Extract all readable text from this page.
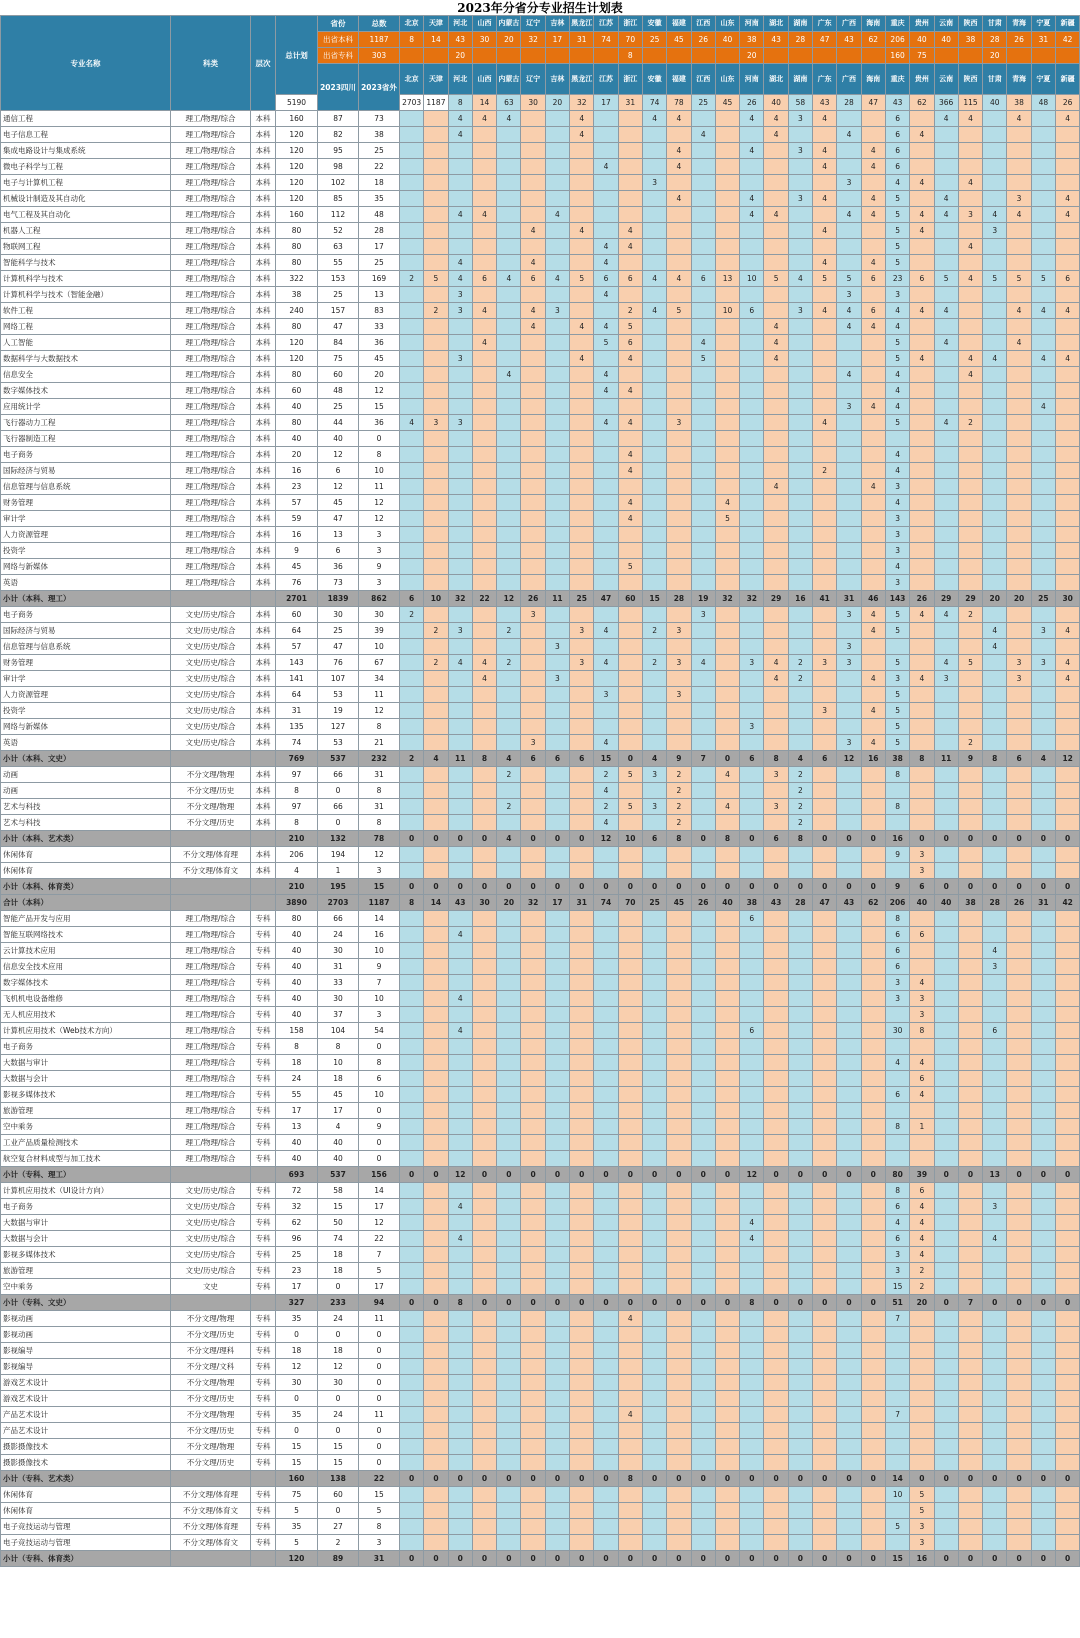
2023年分省分专业招生计划表
专业名称	科类	层次	总计划	省份	总数	北京	天津	河北	山西	内蒙古	辽宁	吉林	黑龙江	江苏	浙江	安徽	福建	江西	山东	河南	湖北	湖南	广东	广西	海南	重庆	贵州	云南	陕西	甘肃	青海	宁夏	新疆	
				出省本科	1187	8	14	43	30	20	32	17	31	74	70	25	45	26	40	38	43	28	47	43	62	206	40	40	38	28	26	31	42	
				出省专科	303			20							8					20						160	75			20				
				2023四川	2023省外	北京	天津	河北	山西	内蒙古	辽宁	吉林	黑龙江	江苏	浙江	安徽	福建	江西	山东	河南	湖北	湖南	广东	广西	海南	重庆	贵州	云南	陕西	甘肃	青海	宁夏	新疆	
			5190			2703	1187	8	14	63	30	20	32	17	31	74	78	25	45	26	40	58	43	28	47	43	62	366	115	40	38	48	26		
通信工程	理工/物理/综合	本科	160	87	73			4	4	4			4			4	4			4	4	3	4			6		4	4		4		4	
电子信息工程	理工/物理/综合	本科	120	82	38			4					4					4			4			4		6	4							
集成电路设计与集成系统	理工/物理/综合	本科	120	95	25												4			4		3	4		4	6								
微电子科学与工程	理工/物理/综合	本科	120	98	22									4			4						4		4	6								
电子与计算机工程	理工/物理/综合	本科	120	102	18											3								3		4	4		4					
机械设计制造及其自动化	理工/物理/综合	本科	120	85	35												4			4		3	4		4	5		4			3		4	
电气工程及其自动化	理工/物理/综合	本科	160	112	48			4	4			4								4	4			4	4	5	4	4	3	4	4		4	
机器人工程	理工/物理/综合	本科	80	52	28						4		4		4								4			5	4			3				
物联网工程	理工/物理/综合	本科	80	63	17									4	4											5			4					
智能科学与技术	理工/物理/综合	本科	80	55	25			4			4			4									4		4	5								
计算机科学与技术	理工/物理/综合	本科	322	153	169	2	5	4	6	4	6	4	5	6	6	4	4	6	13	10	5	4	5	5	6	23	6	5	4	5	5	5	6	
计算机科学与技术（智能金融）	理工/物理/综合	本科	38	25	13			3						4										3		3								
软件工程	理工/物理/综合	本科	240	157	83		2	3	4		4	3			2	4	5		10	6		3	4	4	6	4	4	4			4	4	4	
网络工程	理工/物理/综合	本科	80	47	33						4		4	4	5						4			4	4	4								
人工智能	理工/物理/综合	本科	120	84	36				4					5	6			4			4					5		4			4			
数据科学与大数据技术	理工/物理/综合	本科	120	75	45			3					4		4			5			4					5	4		4	4		4	4	
信息安全	理工/物理/综合	本科	80	60	20					4				4										4		4			4					
数字媒体技术	理工/物理/综合	本科	60	48	12									4	4											4								
应用统计学	理工/物理/综合	本科	40	25	15																			3	4	4						4		
飞行器动力工程	理工/物理/综合	本科	80	44	36	4	3	3						4	4		3						4			5		4	2					
飞行器制造工程	理工/物理/综合	本科	40	40	0																													
电子商务	理工/物理/综合	本科	20	12	8										4											4								
国际经济与贸易	理工/物理/综合	本科	16	6	10										4								2			4								
信息管理与信息系统	理工/物理/综合	本科	23	12	11																4				4	3								
财务管理	理工/物理/综合	本科	57	45	12										4				4							4								
审计学	理工/物理/综合	本科	59	47	12										4				5							3								
人力资源管理	理工/物理/综合	本科	16	13	3																					3								
投资学	理工/物理/综合	本科	9	6	3																					3								
网络与新媒体	理工/物理/综合	本科	45	36	9										5											4								
英语	理工/物理/综合	本科	76	73	3																					3								
小计（本科、理工）			2701	1839	862	6	10	32	22	12	26	11	25	47	60	15	28	19	32	32	29	16	41	31	46	143	26	29	29	20	20	25	30	
电子商务	文史/历史/综合	本科	60	30	30	2					3							3						3	4	5	4	4	2					
国际经济与贸易	文史/历史/综合	本科	64	25	39		2	3		2			3	4		2	3								4	5				4		3	4	
信息管理与信息系统	文史/历史/综合	本科	57	47	10							3												3						4				
财务管理	文史/历史/综合	本科	143	76	67		2	4	4	2			3	4		2	3	4		3	4	2	3	3		5		4	5		3	3	4	
审计学	文史/历史/综合	本科	141	107	34				4			3									4	2			4	3	4	3			3		4	
人力资源管理	文史/历史/综合	本科	64	53	11									3			3									5								
投资学	文史/历史/综合	本科	31	19	12																		3		4	5								
网络与新媒体	文史/历史/综合	本科	135	127	8															3						5								
英语	文史/历史/综合	本科	74	53	21						3			4										3	4	5			2					
小计（本科、文史）			769	537	232	2	4	11	8	4	6	6	6	15	0	4	9	7	0	6	8	4	6	12	16	38	8	11	9	8	6	4	12	
动画	不分文理/物理	本科	97	66	31					2				2	5	3	2		4		3	2				8								
动画	不分文理/历史	本科	8	0	8									4			2					2												
艺术与科技	不分文理/物理	本科	97	66	31					2				2	5	3	2		4		3	2				8								
艺术与科技	不分文理/历史	本科	8	0	8									4			2					2												
小计（本科、艺术类）			210	132	78	0	0	0	0	4	0	0	0	12	10	6	8	0	8	0	6	8	0	0	0	16	0	0	0	0	0	0	0	
休闲体育	不分文理/体育理	本科	206	194	12																					9	3							
休闲体育	不分文理/体育文	本科	4	1	3																						3							
小计（本科、体育类）			210	195	15	0	0	0	0	0	0	0	0	0	0	0	0	0	0	0	0	0	0	0	0	9	6	0	0	0	0	0	0	
合计（本科）			3890	2703	1187	8	14	43	30	20	32	17	31	74	70	25	45	26	40	38	43	28	47	43	62	206	40	40	38	28	26	31	42	
智能产品开发与应用	理工/物理/综合	专科	80	66	14															6						8								
智能互联网络技术	理工/物理/综合	专科	40	24	16			4																		6	6							
云计算技术应用	理工/物理/综合	专科	40	30	10																					6				4				
信息安全技术应用	理工/物理/综合	专科	40	31	9																					6				3				
数字媒体技术	理工/物理/综合	专科	40	33	7																					3	4							
飞机机电设备维修	理工/物理/综合	专科	40	30	10			4																		3	3							
无人机应用技术	理工/物理/综合	专科	40	37	3																						3							
计算机应用技术（Web技术方向）	理工/物理/综合	专科	158	104	54			4												6						30	8			6				
电子商务	理工/物理/综合	专科	8	8	0																													
大数据与审计	理工/物理/综合	专科	18	10	8																					4	4							
大数据与会计	理工/物理/综合	专科	24	18	6																						6							
影视多媒体技术	理工/物理/综合	专科	55	45	10																					6	4							
旅游管理	理工/物理/综合	专科	17	17	0																													
空中乘务	理工/物理/综合	专科	13	4	9																					8	1							
工业产品质量检测技术	理工/物理/综合	专科	40	40	0																													
航空复合材料成型与加工技术	理工/物理/综合	专科	40	40	0																													
小计（专科、理工）			693	537	156	0	0	12	0	0	0	0	0	0	0	0	0	0	0	12	0	0	0	0	0	80	39	0	0	13	0	0	0	
计算机应用技术（UI设计方向）	文史/历史/综合	专科	72	58	14																					8	6							
电子商务	文史/历史/综合	专科	32	15	17			4																		6	4			3				
大数据与审计	文史/历史/综合	专科	62	50	12															4						4	4							
大数据与会计	文史/历史/综合	专科	96	74	22			4												4						6	4			4				
影视多媒体技术	文史/历史/综合	专科	25	18	7																					3	4							
旅游管理	文史/历史/综合	专科	23	18	5																					3	2							
空中乘务	文史	专科	17	0	17																					15	2							
小计（专科、文史）			327	233	94	0	0	8	0	0	0	0	0	0	0	0	0	0	0	8	0	0	0	0	0	51	20	0	7	0	0	0	0	
影视动画	不分文理/物理	专科	35	24	11										4											7								
影视动画	不分文理/历史	专科	0	0	0																													
影视编导	不分文理/理科	专科	18	18	0																													
影视编导	不分文理/文科	专科	12	12	0																													
游戏艺术设计	不分文理/物理	专科	30	30	0																													
游戏艺术设计	不分文理/历史	专科	0	0	0																													
产品艺术设计	不分文理/物理	专科	35	24	11										4											7								
产品艺术设计	不分文理/历史	专科	0	0	0																													
摄影摄像技术	不分文理/物理	专科	15	15	0																													
摄影摄像技术	不分文理/历史	专科	15	15	0																													
小计（专科、艺术类）			160	138	22	0	0	0	0	0	0	0	0	0	8	0	0	0	0	0	0	0	0	0	0	14	0	0	0	0	0	0	0	
休闲体育	不分文理/体育理	专科	75	60	15																					10	5							
休闲体育	不分文理/体育文	专科	5	0	5																						5							
电子竞技运动与管理	不分文理/体育理	专科	35	27	8																					5	3							
电子竞技运动与管理	不分文理/体育文	专科	5	2	3																						3							
小计（专科、体育类）			120	89	31	0	0	0	0	0	0	0	0	0	0	0	0	0	0	0	0	0	0	0	0	15	16	0	0	0	0	0	0	
高考直通车
